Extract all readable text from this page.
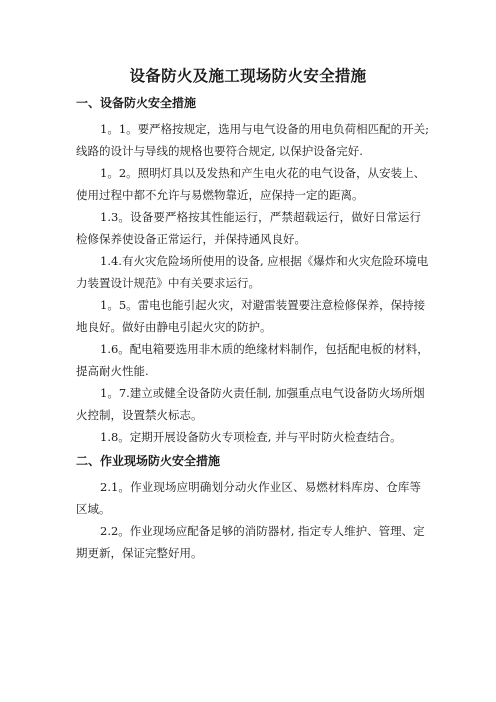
设备防火及施工现场防火安全措施
一、设备防火安全措施

1。1。要严格按规定，选用与电气设备的用电负荷相匹配的开关;
线路的设计与导线的规格也要符合规定, 以保护设备完好.

1。2。照明灯具以及发热和产生电火花的电气设备，从安装上、
使用过程中都不允许与易燃物靠近，应保持一定的距离。

1.3。设备要严格按其性能运行，严禁超载运行，做好日常运行
检修保养使设备正常运行，并保持通风良好。

1.4.有火灾危险场所使用的设备, 应根据《爆炸和火灾危险环境电
力装置设计规范》中有关要求运行。

1。5。雷电也能引起火灾，对避雷装置要注意检修保养，保持接
地良好。做好由静电引起火灾的防护。

1.6。配电箱要选用非木质的绝缘材料制作，包括配电板的材料，
提高耐火性能.

1。7.建立或健全设备防火责任制, 加强重点电气设备防火场所烟
火控制，设置禁火标志。

1.8。定期开展设备防火专项检查, 并与平时防火检查结合。

二、作业现场防火安全措施

2.1。作业现场应明确划分动火作业区、易燃材料库房、仓库等
区域。

2.2。作业现场应配备足够的消防器材, 指定专人维护、管理、定
期更新，保证完整好用。
